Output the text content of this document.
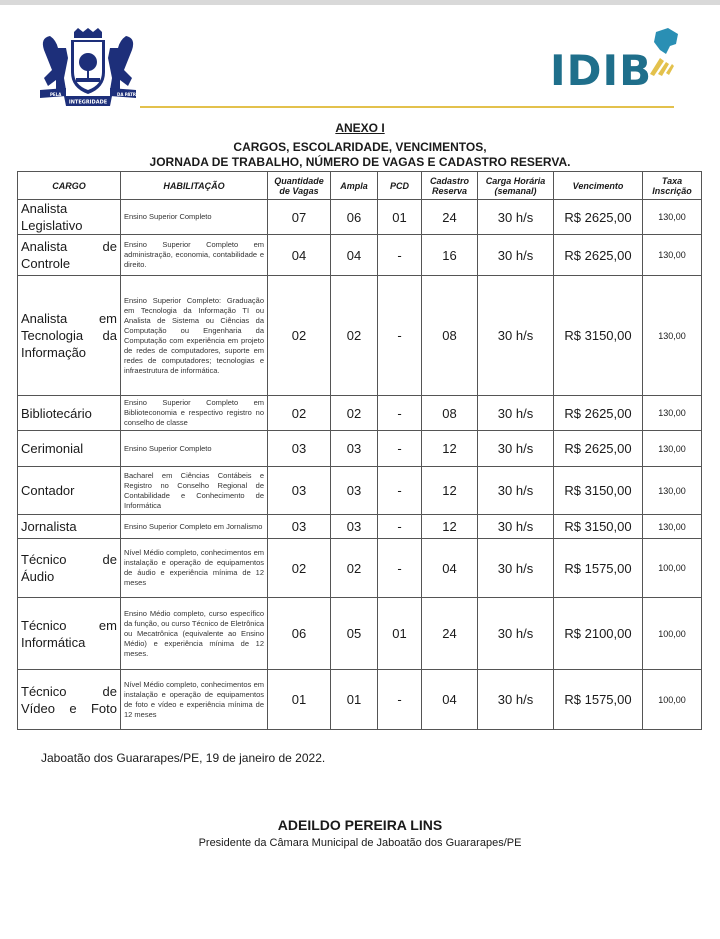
PELA	DA PÁTRIA
INTEGRIDADE
IDIB
ANEXO I
CARGOS, ESCOLARIDADE, VENCIMENTOS,
JORNADA DE TRABALHO, NÚMERO DE VAGAS E CADASTRO RESERVA.
CARGO	HABILITAÇÃO	Quantidade de Vagas	Ampla	PCD	Cadastro Reserva	Carga Horária (semanal)	Vencimento	Taxa Inscrição
Analista Legislativo	Ensino Superior Completo	07	06	01	24	30 h/s	R$ 2625,00	130,00
Analista de Controle	Ensino Superior Completo em administração, economia, contabilidade e direito.	04	04	-	16	30 h/s	R$ 2625,00	130,00
Analista em Tecnologia da Informação	Ensino Superior Completo: Graduação em Tecnologia da Informação TI ou Analista de Sistema ou Ciências da Computação ou Engenharia da Computação com experiência em projeto de redes de computadores, suporte em redes de computadores; tecnologias e infraestrutura de informática.	02	02	-	08	30 h/s	R$ 3150,00	130,00
Bibliotecário	Ensino Superior Completo em Biblioteconomia e respectivo registro no conselho de classe	02	02	-	08	30 h/s	R$ 2625,00	130,00
Cerimonial	Ensino Superior Completo	03	03	-	12	30 h/s	R$ 2625,00	130,00
Contador	Bacharel em Ciências Contábeis e Registro no Conselho Regional de Contabilidade e Conhecimento de Informática	03	03	-	12	30 h/s	R$ 3150,00	130,00
Jornalista	Ensino Superior Completo em Jornalismo	03	03	-	12	30 h/s	R$ 3150,00	130,00
Técnico de Áudio	Nível Médio completo, conhecimentos em instalação e operação de equipamentos de áudio e experiência mínima de 12 meses	02	02	-	04	30 h/s	R$ 1575,00	100,00
Técnico em Informática	Ensino Médio completo, curso específico da função, ou curso Técnico de Eletrônica ou Mecatrônica (equivalente ao Ensino Médio) e experiência mínima de 12 meses.	06	05	01	24	30 h/s	R$ 2100,00	100,00
Técnico de Vídeo e Foto	Nível Médio completo, conhecimentos em instalação e operação de equipamentos de foto e vídeo e experiência mínima de 12 meses	01	01	-	04	30 h/s	R$ 1575,00	100,00
Jaboatão dos Guararapes/PE, 19 de janeiro de 2022.
ADEILDO PEREIRA LINS
Presidente da Câmara Municipal de Jaboatão dos Guararapes/PE
